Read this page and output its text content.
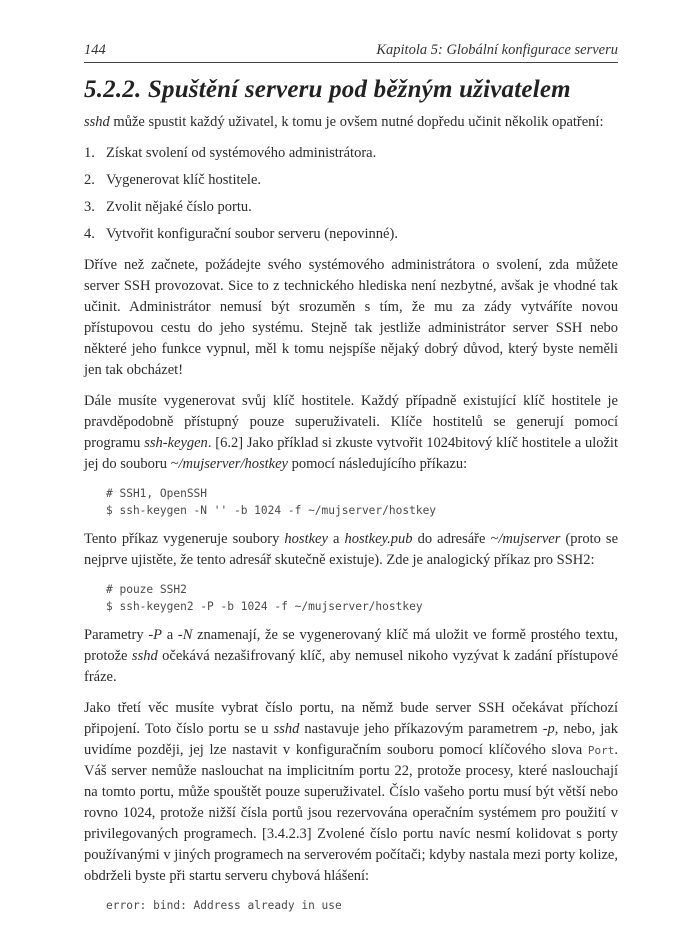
144	Kapitola 5: Globální konfigurace serveru
5.2.2. Spuštění serveru pod běžným uživatelem

sshd může spustit každý uživatel, k tomu je ovšem nutné dopředu učinit několik opatření:

1. Získat svolení od systémového administrátora.
2. Vygenerovat klíč hostitele.
3. Zvolit nějaké číslo portu.
4. Vytvořit konfigurační soubor serveru (nepovinné).

Dříve než začnete, požádejte svého systémového administrátora o svolení, zda můžete server SSH provozovat. Sice to z technického hlediska není nezbytné, avšak je vhodné tak učinit. Administrátor nemusí být srozuměn s tím, že mu za zády vytváříte novou přístupovou cestu do jeho systému. Stejně tak jestliže administrátor server SSH nebo některé jeho funkce vypnul, měl k tomu nejspíše nějaký dobrý důvod, který byste neměli jen tak obcházet!

Dále musíte vygenerovat svůj klíč hostitele. Každý případně existující klíč hostitele je pravděpodobně přístupný pouze superuživateli. Klíče hostitelů se generují pomocí programu ssh-keygen. [6.2] Jako příklad si zkuste vytvořit 1024bitový klíč hostitele a uložit jej do souboru ~/mujserver/hostkey pomocí následujícího příkazu:

# SSH1, OpenSSH
$ ssh-keygen -N '' -b 1024 -f ~/mujserver/hostkey

Tento příkaz vygeneruje soubory hostkey a hostkey.pub do adresáře ~/mujserver (proto se nejprve ujistěte, že tento adresář skutečně existuje). Zde je analogický příkaz pro SSH2:

# pouze SSH2
$ ssh-keygen2 -P -b 1024 -f ~/mujserver/hostkey

Parametry -P a -N znamenají, že se vygenerovaný klíč má uložit ve formě prostého textu, protože sshd očekává nezašifrovaný klíč, aby nemusel nikoho vyzývat k zadání přístupové fráze.

Jako třetí věc musíte vybrat číslo portu, na němž bude server SSH očekávat příchozí připojení. Toto číslo portu se u sshd nastavuje jeho příkazovým parametrem -p, nebo, jak uvidíme později, jej lze nastavit v konfiguračním souboru pomocí klíčového slova Port. Váš server nemůže naslouchat na implicitním portu 22, protože procesy, které naslouchají na tomto portu, může spouštět pouze superuživatel. Číslo vašeho portu musí být větší nebo rovno 1024, protože nižší čísla portů jsou rezervována operačním systémem pro použití v privilegovaných programech. [3.4.2.3] Zvolené číslo portu navíc nesmí kolidovat s porty používanými v jiných programech na serverovém počítači; kdyby nastala mezi porty kolize, obdrželi byste při startu serveru chybová hlášení:

error: bind: Address already in use
